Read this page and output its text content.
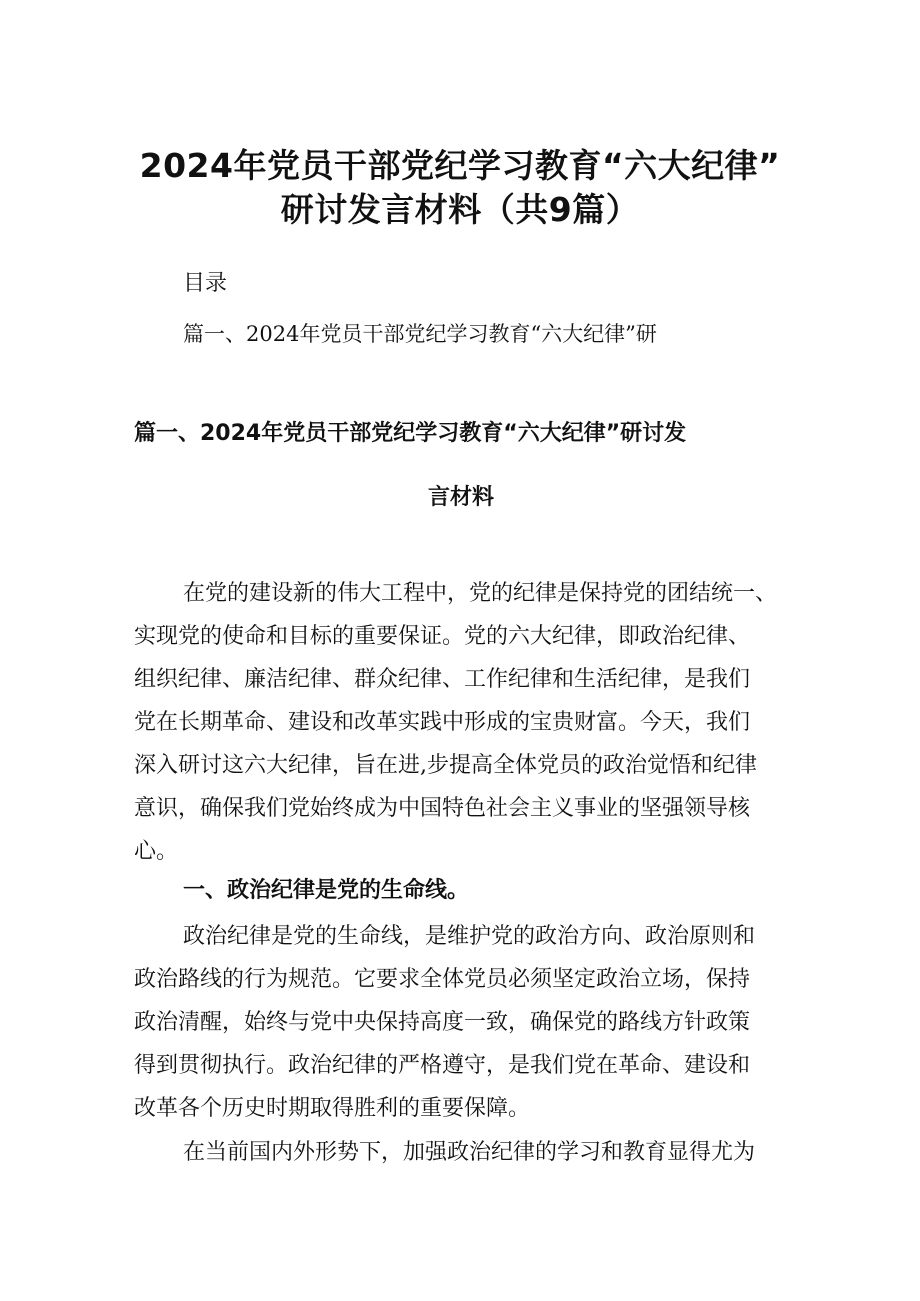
2024年党员干部党纪学习教育“六大纪律”
研讨发言材料（共9篇）
目录
篇一、2024年党员干部党纪学习教育“六大纪律”研
篇一、2024年党员干部党纪学习教育“六大纪律”研讨发
言材料
在党的建设新的伟大工程中，党的纪律是保持党的团结统一、
实现党的使命和目标的重要保证。党的六大纪律，即政治纪律、
组织纪律、廉洁纪律、群众纪律、工作纪律和生活纪律，是我们
党在长期革命、建设和改革实践中形成的宝贵财富。今天，我们
深入研讨这六大纪律，旨在进,步提高全体党员的政治觉悟和纪律
意识，确保我们党始终成为中国特色社会主义事业的坚强领导核
心。
一、政治纪律是党的生命线。
政治纪律是党的生命线，是维护党的政治方向、政治原则和
政治路线的行为规范。它要求全体党员必须坚定政治立场，保持
政治清醒，始终与党中央保持高度一致，确保党的路线方针政策
得到贯彻执行。政治纪律的严格遵守，是我们党在革命、建设和
改革各个历史时期取得胜利的重要保障。
在当前国内外形势下，加强政治纪律的学习和教育显得尤为
